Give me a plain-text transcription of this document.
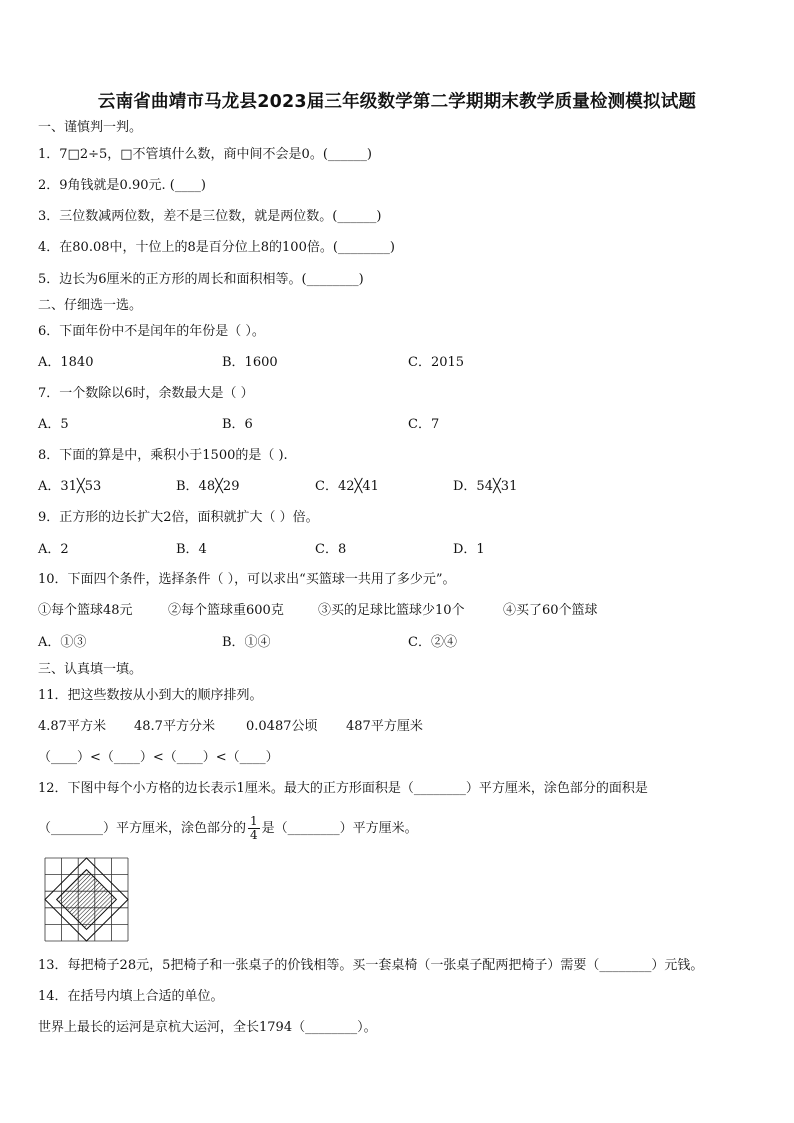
云南省曲靖市马龙县2023届三年级数学第二学期期末教学质量检测模拟试题
一、谨慎判一判。
1．7□2÷5，□不管填什么数，商中间不会是0。(______)
2．9角钱就是0.90元. (____)
3．三位数减两位数，差不是三位数，就是两位数。(______)
4．在80.08中，十位上的8是百分位上8的100倍。(________)
5．边长为6厘米的正方形的周长和面积相等。(________)
二、仔细选一选。
6．下面年份中不是闰年的年份是（ ）。
A．1840	B．1600	C．2015
7．一个数除以6时，余数最大是（ ）
A．5	B．6	C．7
8．下面的算是中，乘积小于1500的是（ ).
A．31╳53	B．48╳29	C．42╳41	D．54╳31
9．正方形的边长扩大2倍，面积就扩大（ ）倍。
A．2	B．4	C．8	D．1
10．下面四个条件，选择条件（ ），可以求出“买篮球一共用了多少元”。
①每个篮球48元	②每个篮球重600克	③买的足球比篮球少10个	④买了60个篮球
A．①③	B．①④	C．②④
三、认真填一填。
11．把这些数按从小到大的顺序排列。
4.87平方米 48.7平方分米 0.0487公顷 487平方厘米
（____）<（____）<（____）<（____）
12．下图中每个小方格的边长表示1厘米。最大的正方形面积是（________）平方厘米，涂色部分的面积是
（________）平方厘米，涂色部分的 $\frac{1}{4}$ 是（________）平方厘米。
13．每把椅子28元，5把椅子和一张桌子的价钱相等。买一套桌椅（一张桌子配两把椅子）需要（________）元钱。
14．在括号内填上合适的单位。
世界上最长的运河是京杭大运河，全长1794（________）。
